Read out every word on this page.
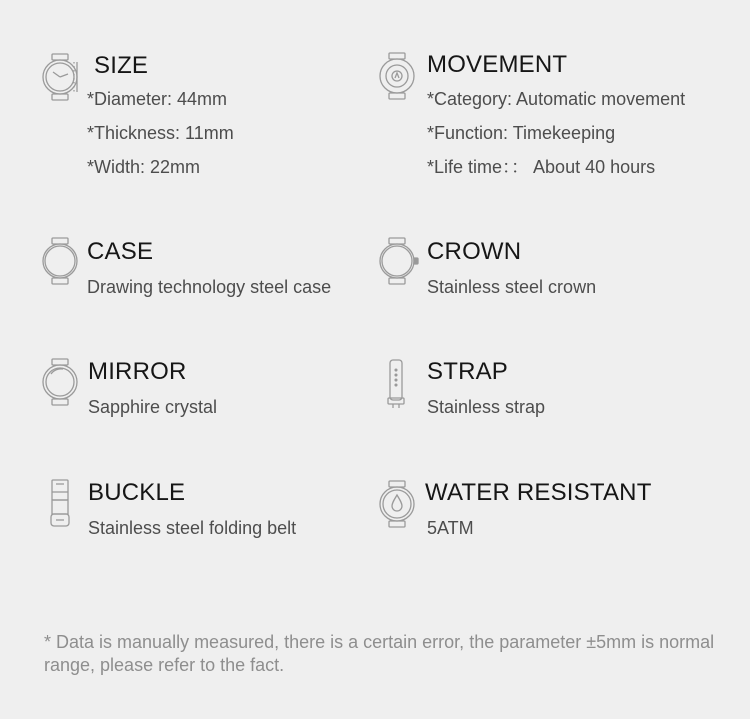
SIZE

*Diameter: 44mm

*Thickness: 11mm

*Width: 22mm

MOVEMENT

*Category: Automatic movement

*Function: Timekeeping

*Life time：： About 40 hours

CASE

Drawing technology steel case

CROWN

Stainless steel crown

MIRROR

Sapphire crystal

STRAP

Stainless strap

BUCKLE

Stainless steel folding belt

WATER RESISTANT

5ATM

* Data is manually measured, there is a certain error, the parameter ±5mm is normal range, please refer to the fact.
